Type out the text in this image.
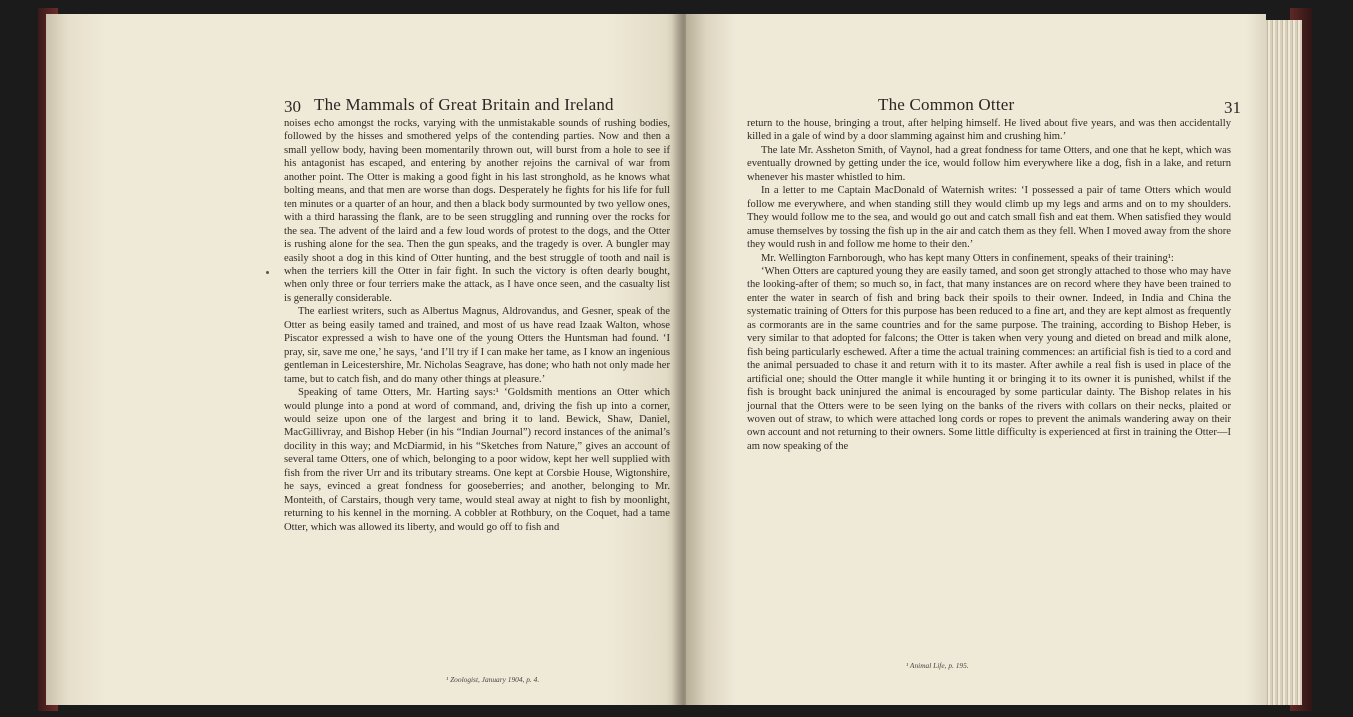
30 The Mammals of Great Britain and Ireland

noises echo amongst the rocks, varying with the unmistakable sounds of rushing bodies, followed by the hisses and smothered yelps of the contending parties. Now and then a small yellow body, having been momentarily thrown out, will burst from a hole to see if his antagonist has escaped, and entering by another rejoins the carnival of war from another point. The Otter is making a good fight in his last stronghold, as he knows what bolting means, and that men are worse than dogs. Desperately he fights for his life for full ten minutes or a quarter of an hour, and then a black body surmounted by two yellow ones, with a third harassing the flank, are to be seen struggling and running over the rocks for the sea. The advent of the laird and a few loud words of protest to the dogs, and the Otter is rushing alone for the sea. Then the gun speaks, and the tragedy is over. A bungler may easily shoot a dog in this kind of Otter hunting, and the best struggle of tooth and nail is when the terriers kill the Otter in fair fight. In such the victory is often dearly bought, when only three or four terriers make the attack, as I have once seen, and the casualty list is generally considerable.

The earliest writers, such as Albertus Magnus, Aldrovandus, and Gesner, speak of the Otter as being easily tamed and trained, and most of us have read Izaak Walton, whose Piscator expressed a wish to have one of the young Otters the Huntsman had found. ‘I pray, sir, save me one,’ he says, ‘and I’ll try if I can make her tame, as I know an ingenious gentleman in Leicestershire, Mr. Nicholas Seagrave, has done; who hath not only made her tame, but to catch fish, and do many other things at pleasure.’

Speaking of tame Otters, Mr. Harting says:¹ ‘Goldsmith mentions an Otter which would plunge into a pond at word of command, and, driving the fish up into a corner, would seize upon one of the largest and bring it to land. Bewick, Shaw, Daniel, MacGillivray, and Bishop Heber (in his “Indian Journal”) record instances of the animal’s docility in this way; and McDiarmid, in his “Sketches from Nature,” gives an account of several tame Otters, one of which, belonging to a poor widow, kept her well supplied with fish from the river Urr and its tributary streams. One kept at Corsbie House, Wigtonshire, he says, evinced a great fondness for gooseberries; and another, belonging to Mr. Monteith, of Carstairs, though very tame, would steal away at night to fish by moonlight, returning to his kennel in the morning. A cobbler at Rothbury, on the Coquet, had a tame Otter, which was allowed its liberty, and would go off to fish and

¹ Zoologist, January 1904, p. 4.
The Common Otter	31

return to the house, bringing a trout, after helping himself. He lived about five years, and was then accidentally killed in a gale of wind by a door slamming against him and crushing him.’

The late Mr. Assheton Smith, of Vaynol, had a great fondness for tame Otters, and one that he kept, which was eventually drowned by getting under the ice, would follow him everywhere like a dog, fish in a lake, and return whenever his master whistled to him.

In a letter to me Captain MacDonald of Waternish writes: ‘I possessed a pair of tame Otters which would follow me everywhere, and when standing still they would climb up my legs and arms and on to my shoulders. They would follow me to the sea, and would go out and catch small fish and eat them. When satisfied they would amuse themselves by tossing the fish up in the air and catch them as they fell. When I moved away from the shore they would rush in and follow me home to their den.’

Mr. Wellington Farnborough, who has kept many Otters in confinement, speaks of their training¹:

‘When Otters are captured young they are easily tamed, and soon get strongly attached to those who may have the looking-after of them; so much so, in fact, that many instances are on record where they have been trained to enter the water in search of fish and bring back their spoils to their owner. Indeed, in India and China the systematic training of Otters for this purpose has been reduced to a fine art, and they are kept almost as frequently as cormorants are in the same countries and for the same purpose. The training, according to Bishop Heber, is very similar to that adopted for falcons; the Otter is taken when very young and dieted on bread and milk alone, fish being particularly eschewed. After a time the actual training commences: an artificial fish is tied to a cord and the animal persuaded to chase it and return with it to its master. After awhile a real fish is used in place of the artificial one; should the Otter mangle it while hunting it or bringing it to its owner it is punished, whilst if the fish is brought back uninjured the animal is encouraged by some particular dainty. The Bishop relates in his journal that the Otters were to be seen lying on the banks of the rivers with collars on their necks, plaited or woven out of straw, to which were attached long cords or ropes to prevent the animals wandering away on their own account and not returning to their owners. Some little difficulty is experienced at first in training the Otter—I am now speaking of the

¹ Animal Life, p. 195.
